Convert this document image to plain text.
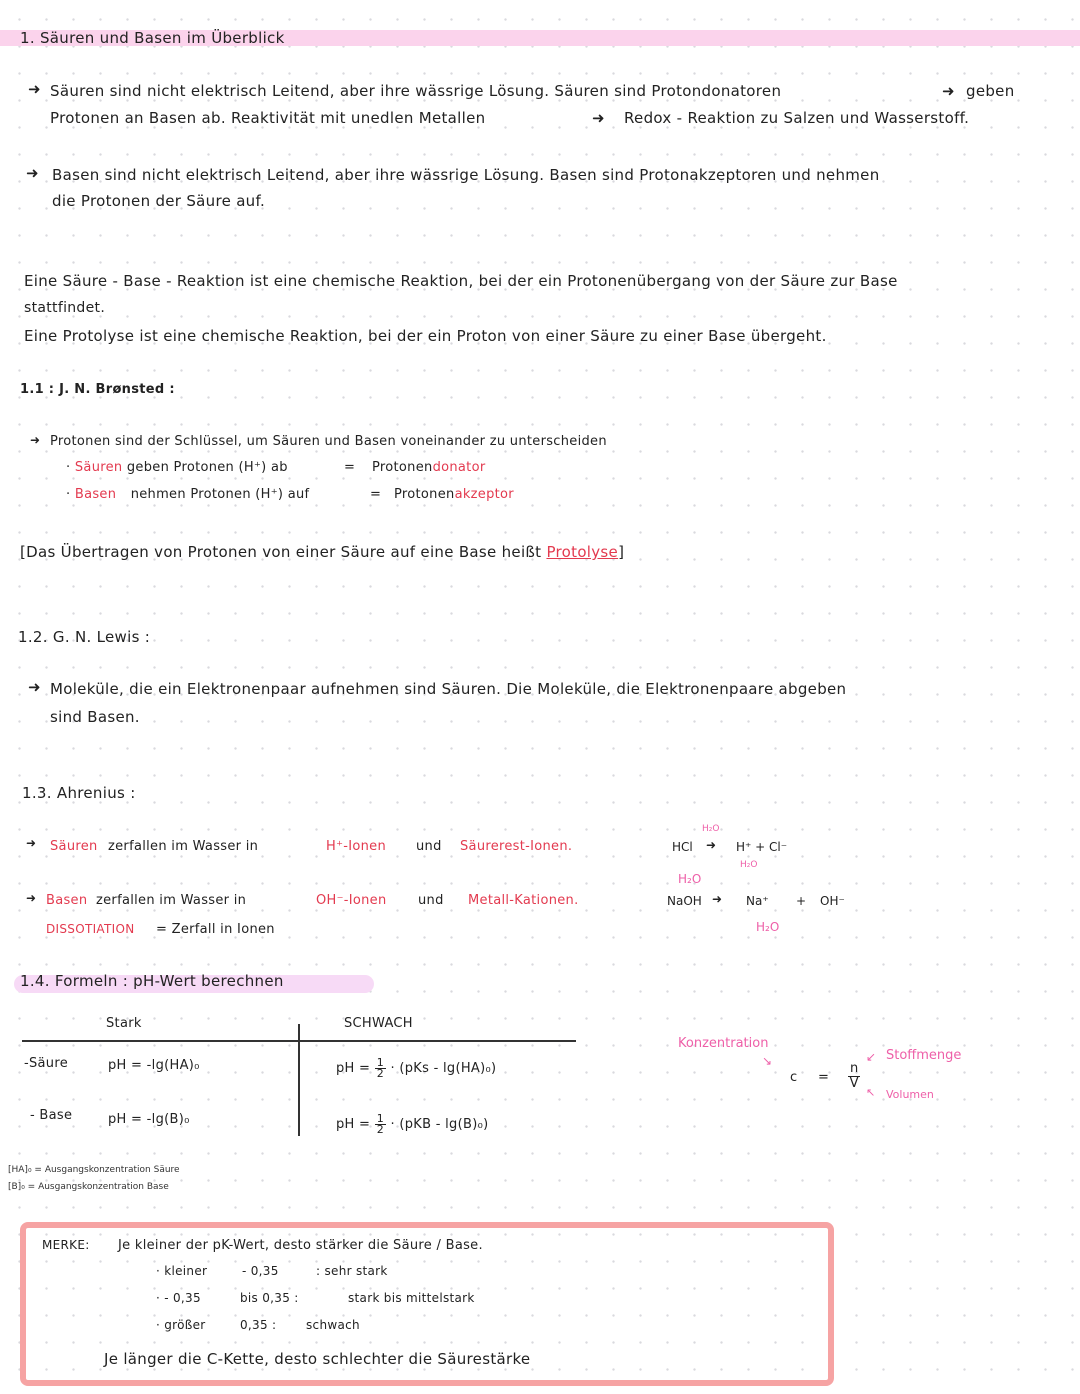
1. Säuren und Basen im Überblick
➜ Säuren sind nicht elektrisch Leitend, aber ihre wässrige Lösung. Säuren sind Protondonatoren	➜ geben
Protonen an Basen ab. Reaktivität mit unedlen Metallen	➜ Redox - Reaktion zu Salzen und Wasserstoff.
➜ Basen sind nicht elektrisch Leitend, aber ihre wässrige Lösung. Basen sind Protonakzeptoren und nehmen
die Protonen der Säure auf.
Eine Säure - Base - Reaktion ist eine chemische Reaktion, bei der ein Protonenübergang von der Säure zur Base
stattfindet.
Eine Protolyse ist eine chemische Reaktion, bei der ein Proton von einer Säure zu einer Base übergeht.
1.1 : J. N. Brønsted :
➜ Protonen sind der Schlüssel, um Säuren und Basen voneinander zu unterscheiden
· Säuren geben Protonen (H⁺) ab	= Protonendonator
· Basen nehmen Protonen (H⁺) auf	= Protonenakzeptor
[Das Übertragen von Protonen von einer Säure auf eine Base heißt Protolyse]
1.2. G. N. Lewis :
➜ Moleküle, die ein Elektronenpaar aufnehmen sind Säuren. Die Moleküle, die Elektronenpaare abgeben
sind Basen.
1.3. Ahrenius :
➜ Säuren zerfallen im Wasser in	H⁺-Ionen und Säurerest-Ionen.
➜ Basen zerfallen im Wasser in	OH⁻-Ionen und Metall-Kationen.
DISSOTIATION = Zerfall in Ionen
H₂O
HCl ➜ H⁺ + Cl⁻
H₂O
H₂O
NaOH ➜ Na⁺ + OH⁻
H₂O
1.4. Formeln : pH-Wert berechnen
Stark	SCHWACH
-Säure	pH = -lg(HA)₀	pH = $\frac{1}{2} \cdot (pKs - \lg(HA)_0)$
- Base	pH = -lg(B)₀	pH = $\frac{1}{2} \cdot (pKB - \lg(B)_0)$
[HA]₀ = Ausgangskonzentration Säure
[B]₀ = Ausgangskonzentration Base
Konzentration
↘
c =
n
V
↙ Stoffmenge
↖ Volumen
MERKE: Je kleiner der pK-Wert, desto stärker die Säure / Base.
· kleiner	- 0,35	: sehr stark
· - 0,35	bis 0,35 :	stark bis mittelstark
· größer	0,35 : schwach
Je länger die C-Kette, desto schlechter die Säurestärke
